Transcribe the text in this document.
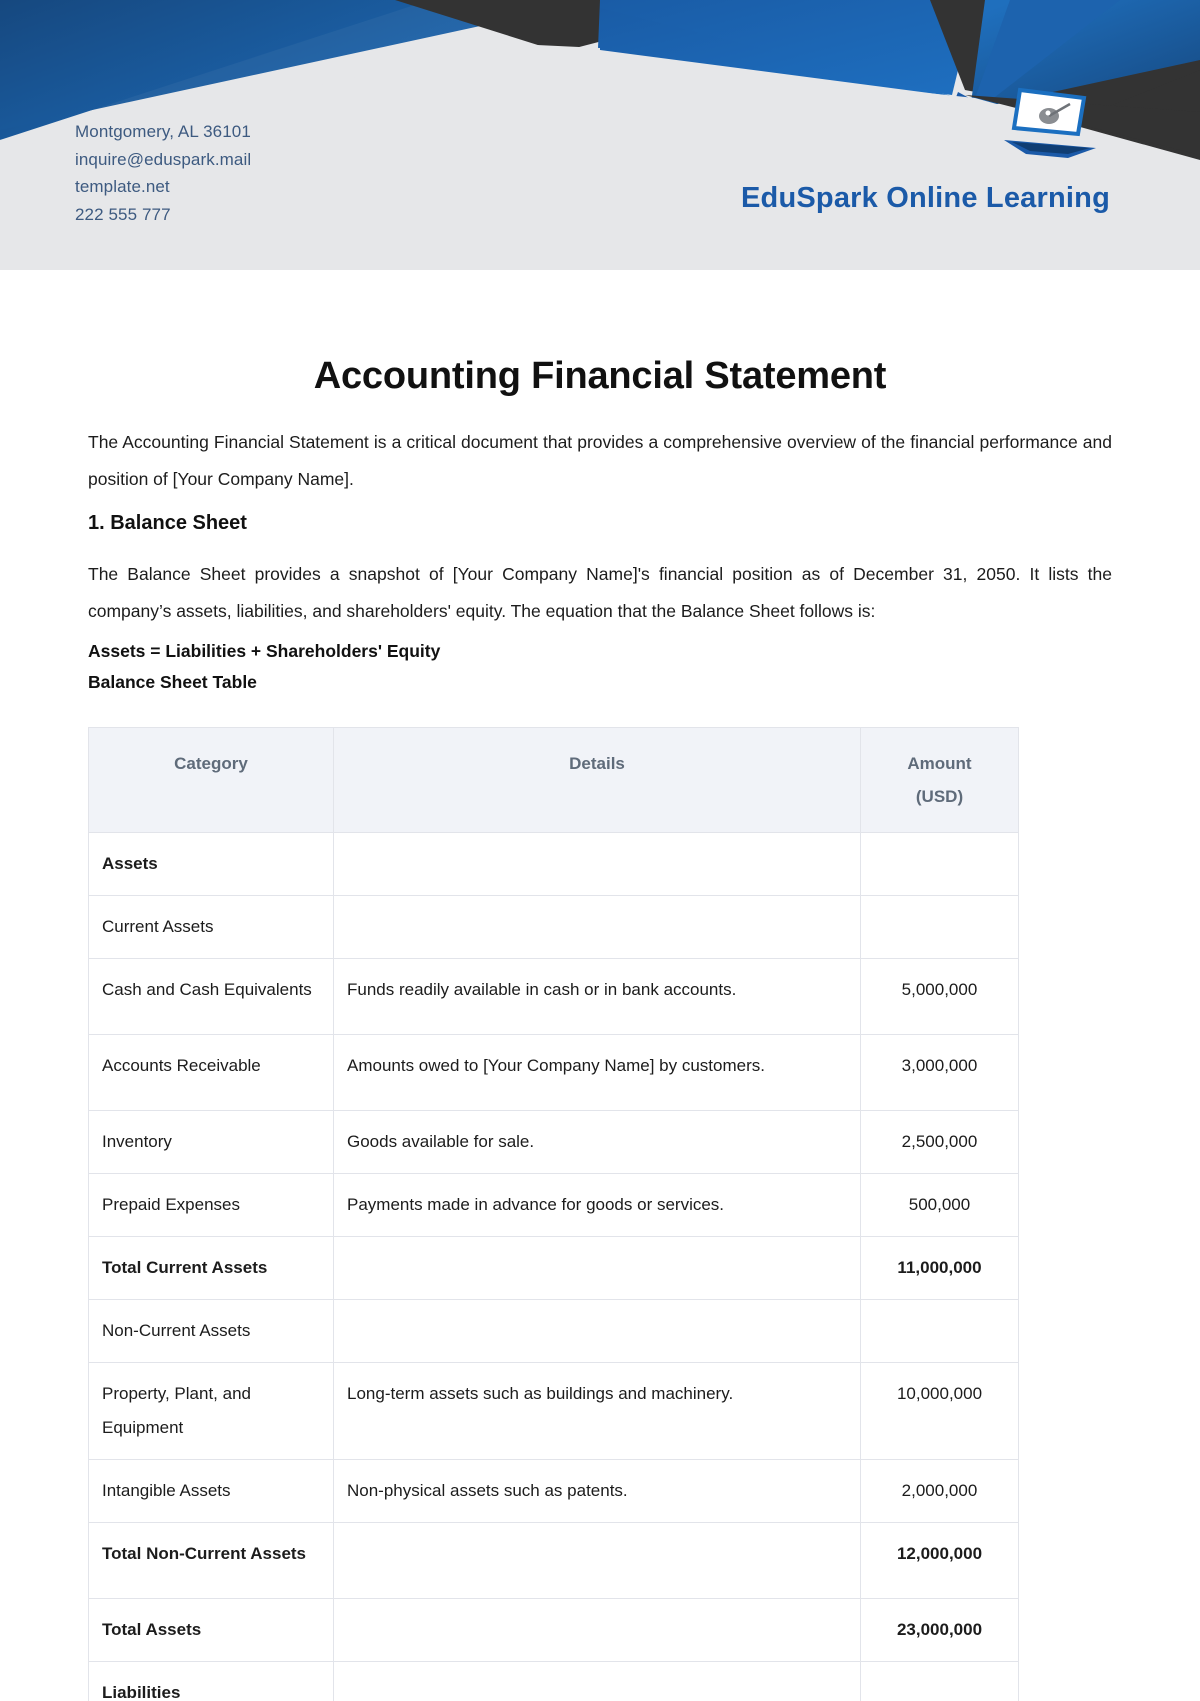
Montgomery, AL 36101
inquire@eduspark.mail
template.net
222 555 777	EduSpark Online Learning
Accounting Financial Statement

The Accounting Financial Statement is a critical document that provides a comprehensive overview of the financial performance and position of [Your Company Name].

1. Balance Sheet

The Balance Sheet provides a snapshot of [Your Company Name]'s financial position as of December 31, 2050. It lists the company’s assets, liabilities, and shareholders' equity. The equation that the Balance Sheet follows is:

Assets = Liabilities + Shareholders' Equity
Balance Sheet Table
Category	Details	Amount
(USD)
Assets		
Current Assets		
Cash and Cash Equivalents	Funds readily available in cash or in bank accounts.	5,000,000
Accounts Receivable	Amounts owed to [Your Company Name] by customers.	3,000,000
Inventory	Goods available for sale.	2,500,000
Prepaid Expenses	Payments made in advance for goods or services.	500,000
Total Current Assets		11,000,000
Non-Current Assets		
Property, Plant, and Equipment	Long-term assets such as buildings and machinery.	10,000,000
Intangible Assets	Non-physical assets such as patents.	2,000,000
Total Non-Current Assets		12,000,000
Total Assets		23,000,000
Liabilities		
